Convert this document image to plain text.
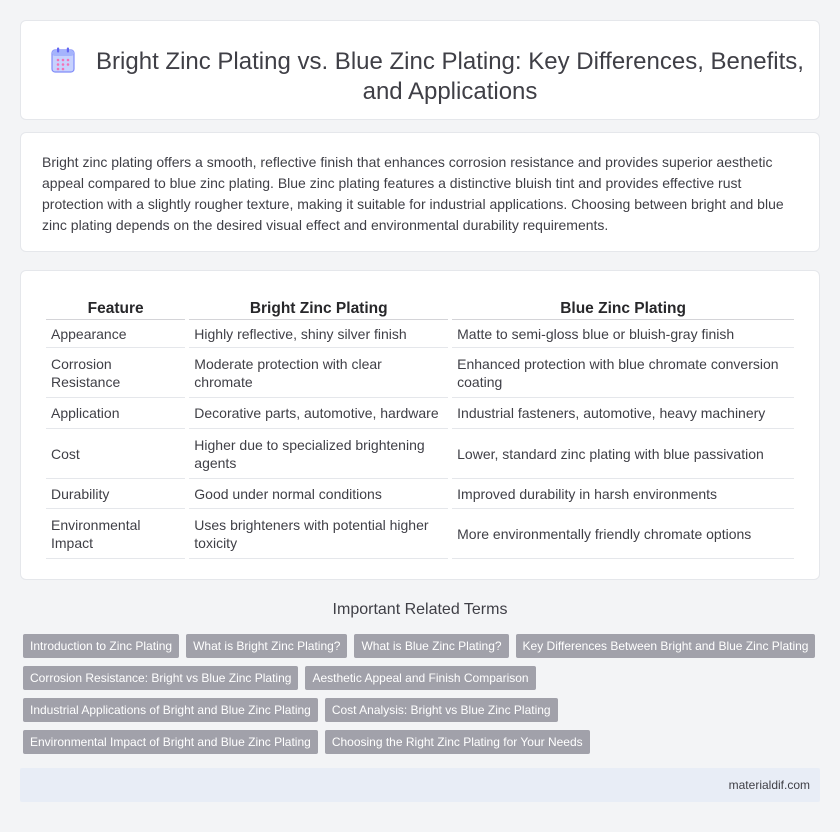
Bright Zinc Plating vs. Blue Zinc Plating: Key Differences, Benefits, and Applications

Bright zinc plating offers a smooth, reflective finish that enhances corrosion resistance and provides superior aesthetic appeal compared to blue zinc plating. Blue zinc plating features a distinctive bluish tint and provides effective rust protection with a slightly rougher texture, making it suitable for industrial applications. Choosing between bright and blue zinc plating depends on the desired visual effect and environmental durability requirements.

Feature	Bright Zinc Plating	Blue Zinc Plating
Appearance	Highly reflective, shiny silver finish	Matte to semi-gloss blue or bluish-gray finish
Corrosion Resistance	Moderate protection with clear chromate	Enhanced protection with blue chromate conversion coating
Application	Decorative parts, automotive, hardware	Industrial fasteners, automotive, heavy machinery
Cost	Higher due to specialized brightening agents	Lower, standard zinc plating with blue passivation
Durability	Good under normal conditions	Improved durability in harsh environments
Environmental Impact	Uses brighteners with potential higher toxicity	More environmentally friendly chromate options
Important Related Terms
Introduction to Zinc Plating	What is Bright Zinc Plating?	What is Blue Zinc Plating?	Key Differences Between Bright and Blue Zinc Plating
Corrosion Resistance: Bright vs Blue Zinc Plating	Aesthetic Appeal and Finish Comparison
Industrial Applications of Bright and Blue Zinc Plating	Cost Analysis: Bright vs Blue Zinc Plating
Environmental Impact of Bright and Blue Zinc Plating	Choosing the Right Zinc Plating for Your Needs
materialdif.com
